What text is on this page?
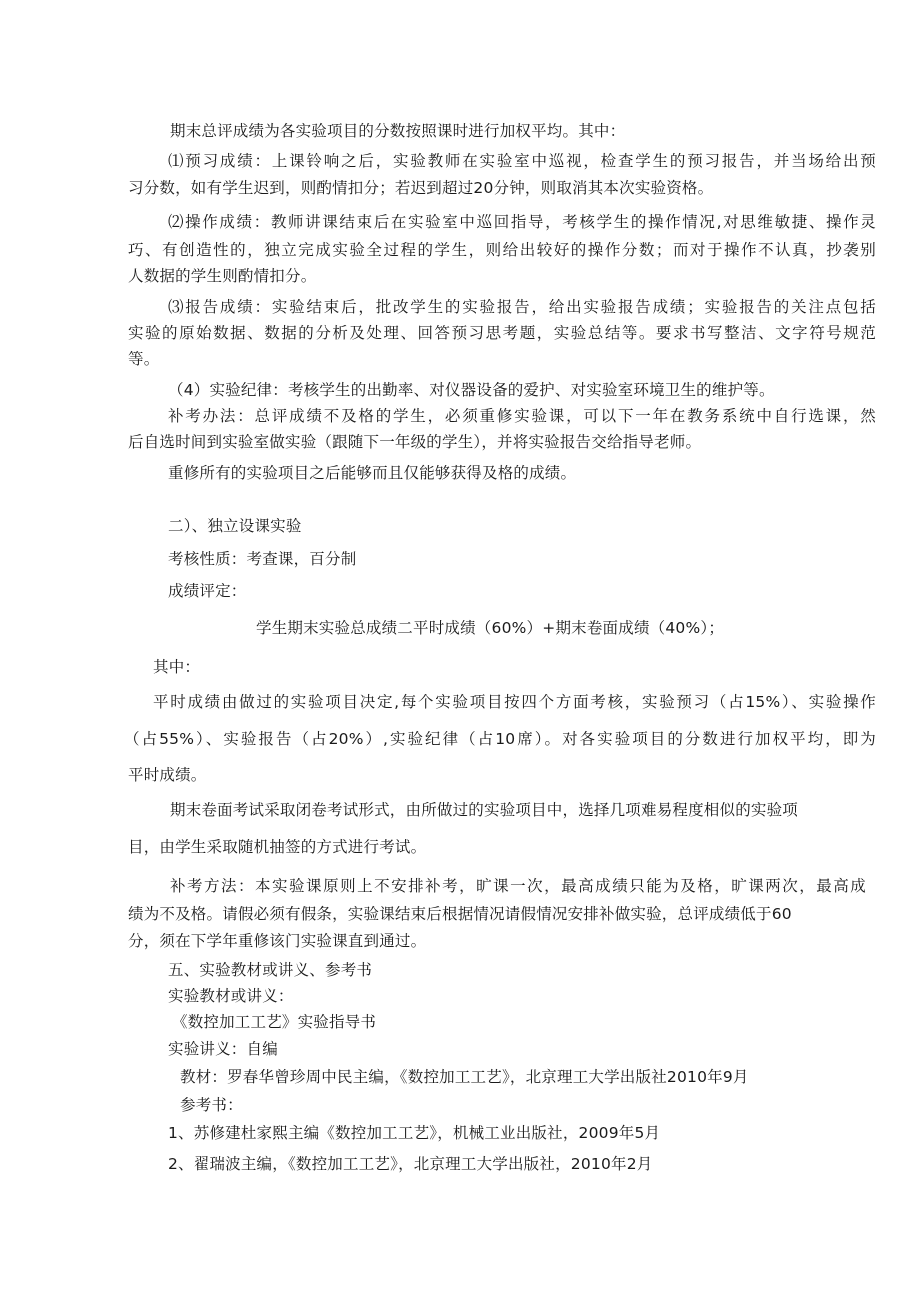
期末总评成绩为各实验项目的分数按照课时进行加权平均。其中：
⑴预习成绩：上课铃响之后，实验教师在实验室中巡视，检查学生的预习报告，并当场给出预
习分数，如有学生迟到，则酌情扣分；若迟到超过20分钟，则取消其本次实验资格。
⑵操作成绩：教师讲课结束后在实验室中巡回指导，考核学生的操作情况,对思维敏捷、操作灵
巧、有创造性的，独立完成实验全过程的学生，则给出较好的操作分数；而对于操作不认真，抄袭别
人数据的学生则酌情扣分。
⑶报告成绩：实验结束后，批改学生的实验报告，给出实验报告成绩；实验报告的关注点包括
实验的原始数据、数据的分析及处理、回答预习思考题，实验总结等。要求书写整洁、文字符号规范
等。
（4）实验纪律：考核学生的出勤率、对仪器设备的爱护、对实验室环境卫生的维护等。
补考办法：总评成绩不及格的学生，必须重修实验课，可以下一年在教务系统中自行选课，然
后自选时间到实验室做实验（跟随下一年级的学生），并将实验报告交给指导老师。
重修所有的实验项目之后能够而且仅能够获得及格的成绩。
二）、独立设课实验
考核性质：考查课，百分制
成绩评定：
学生期末实验总成绩二平时成绩（60%）+期末卷面成绩（40%）；
其中：
平时成绩由做过的实验项目决定,每个实验项目按四个方面考核，实验预习（占15%）、实验操作
（占55%）、实验报告（占20%）,实验纪律（占10席）。对各实验项目的分数进行加权平均，即为
平时成绩。
期末卷面考试采取闭卷考试形式，由所做过的实验项目中，选择几项难易程度相似的实验项
目，由学生采取随机抽签的方式进行考试。
补考方法：本实验课原则上不安排补考，旷课一次，最高成绩只能为及格，旷课两次，最高成
绩为不及格。请假必须有假条，实验课结束后根据情况请假情况安排补做实验，总评成绩低于60
分，须在下学年重修该门实验课直到通过。
五、实验教材或讲义、参考书
实验教材或讲义：
《数控加工工艺》实验指导书
实验讲义：自编
教材：罗春华曾珍周中民主编，《数控加工工艺》，北京理工大学出版社2010年9月
参考书：
1、苏修建杜家熙主编《数控加工工艺》，机械工业出版社，2009年5月
2、翟瑞波主编，《数控加工工艺》，北京理工大学出版社，2010年2月
